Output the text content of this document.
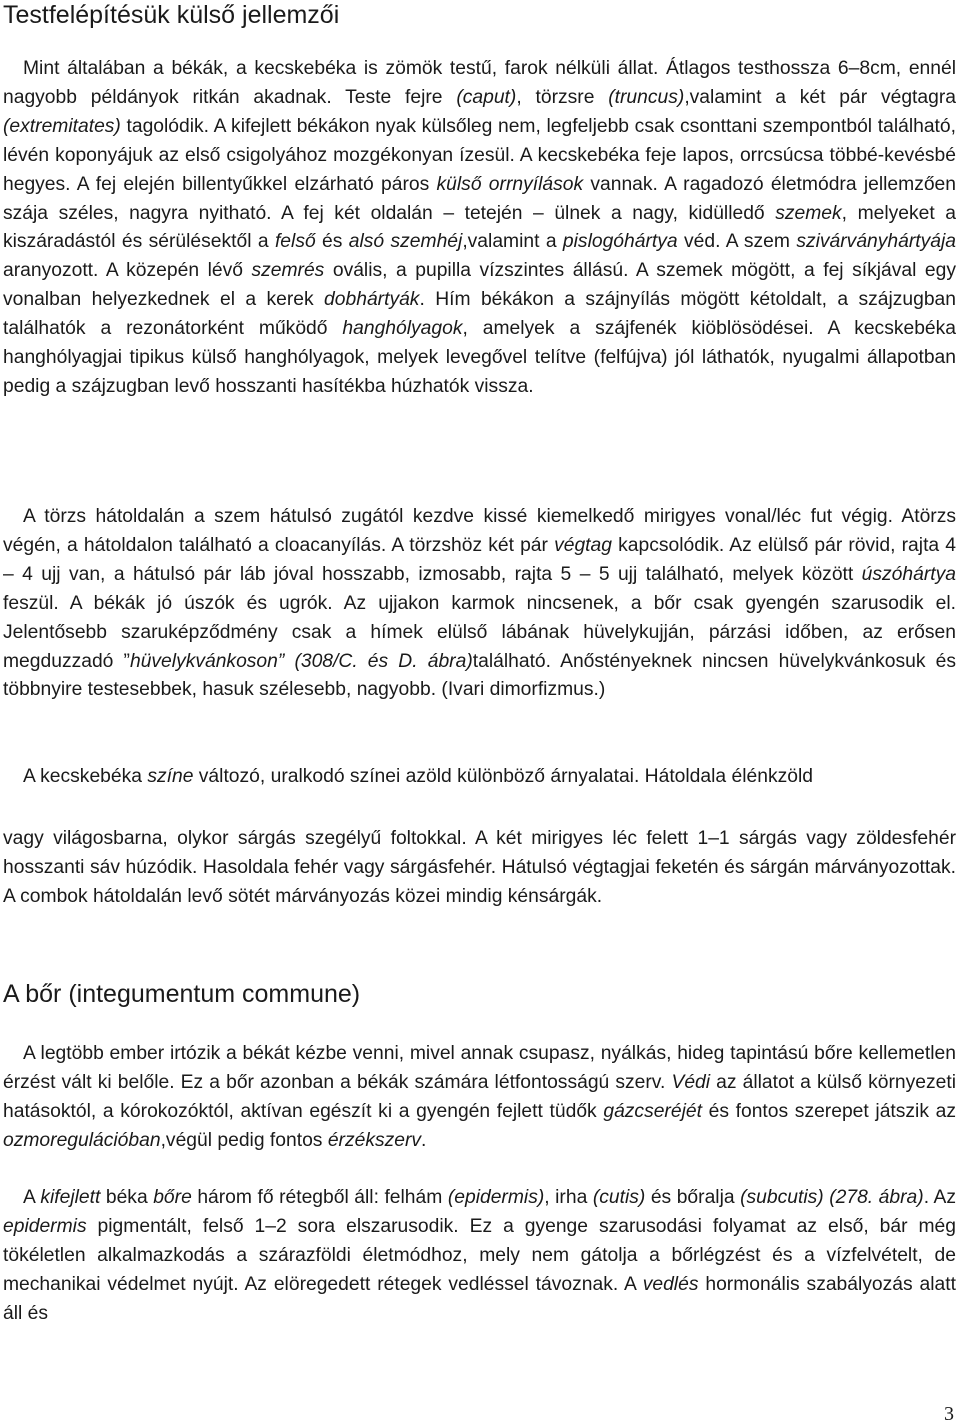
Testfelépítésük külső jellemzői

Mint általában a békák, a kecskebéka is zömök testű, farok nélküli állat. Átlagos testhossza 6–8cm, ennél nagyobb példányok ritkán akadnak. Teste fejre (caput), törzsre (truncus),valamint a két pár végtagra (extremitates) tagolódik. A kifejlett békákon nyak külsőleg nem, legfeljebb csak csonttani szempontból található, lévén koponyájuk az első csigolyához mozgékonyan ízesül. A kecskebéka feje lapos, orrcsúcsa többé-kevésbé hegyes. A fej elején billentyűkkel elzárható páros külső orrnyílások vannak. A ragadozó életmódra jellemzően szája széles, nagyra nyitható. A fej két oldalán – tetején – ülnek a nagy, kidülledő szemek, melyeket a kiszáradástól és sérülésektől a felső és alsó szemhéj,valamint a pislogóhártya véd. A szem szivárványhártyája aranyozott. A közepén lévő szemrés ovális, a pupilla vízszintes állású. A szemek mögött, a fej síkjával egy vonalban helyezkednek el a kerek dobhártyák. Hím békákon a szájnyílás mögött kétoldalt, a szájzugban találhatók a rezonátorként működő hanghólyagok, amelyek a szájfenék kiöblösödései. A kecskebéka hanghólyagjai tipikus külső hanghólyagok, melyek levegővel telítve (felfújva) jól láthatók, nyugalmi állapotban pedig a szájzugban levő hosszanti hasítékba húzhatók vissza.

A törzs hátoldalán a szem hátulsó zugától kezdve kissé kiemelkedő mirigyes vonal/léc fut végig. Atörzs végén, a hátoldalon található a cloacanyílás. A törzshöz két pár végtag kapcsolódik. Az elülső pár rövid, rajta 4 – 4 ujj van, a hátulsó pár láb jóval hosszabb, izmosabb, rajta 5 – 5 ujj található, melyek között úszóhártya feszül. A békák jó úszók és ugrók. Az ujjakon karmok nincsenek, a bőr csak gyengén szarusodik el. Jelentősebb szaruképződmény csak a hímek elülső lábának hüvelykujján, párzási időben, az erősen megduzzadó ”hüvelykvánkoson” (308/C. és D. ábra)található. Anőstényeknek nincsen hüvelykvánkosuk és többnyire testesebbek, hasuk szélesebb, nagyobb. (Ivari dimorfizmus.)

A kecskebéka színe változó, uralkodó színei azöld különböző árnyalatai. Hátoldala élénkzöld

vagy világosbarna, olykor sárgás szegélyű foltokkal. A két mirigyes léc felett 1–1 sárgás vagy zöldesfehér hosszanti sáv húzódik. Hasoldala fehér vagy sárgásfehér. Hátulsó végtagjai feketén és sárgán márványozottak. A combok hátoldalán levő sötét márványozás közei mindig kénsárgák.

A bőr (integumentum commune)

A legtöbb ember irtózik a békát kézbe venni, mivel annak csupasz, nyálkás, hideg tapintású bőre kellemetlen érzést vált ki belőle. Ez a bőr azonban a békák számára létfontosságú szerv. Védi az állatot a külső környezeti hatásoktól, a kórokozóktól, aktívan egészít ki a gyengén fejlett tüdők gázcseréjét és fontos szerepet játszik az ozmoregulációban,végül pedig fontos érzékszerv.

A kifejlett béka bőre három fő rétegből áll: felhám (epidermis), irha (cutis) és bőralja (subcutis) (278. ábra). Az epidermis pigmentált, felső 1–2 sora elszarusodik. Ez a gyenge szarusodási folyamat az első, bár még tökéletlen alkalmazkodás a szárazföldi életmódhoz, mely nem gátolja a bőrlégzést és a vízfelvételt, de mechanikai védelmet nyújt. Az elöregedett rétegek vedléssel távoznak. A vedlés hormonális szabályozás alatt áll és

3
